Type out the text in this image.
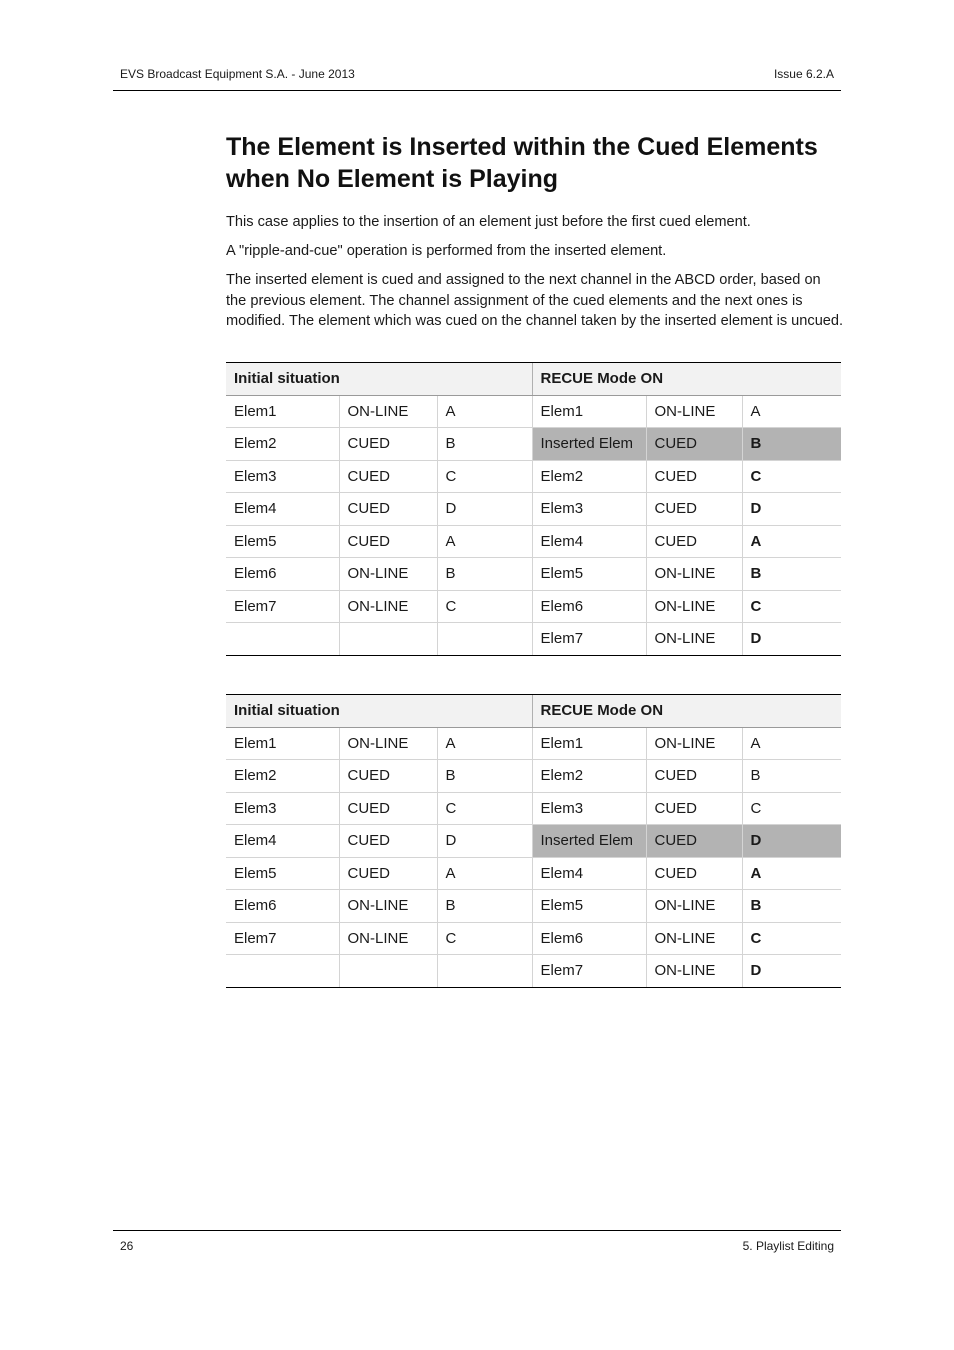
EVS Broadcast Equipment S.A. - June 2013	Issue 6.2.A
The Element is Inserted within the Cued Elements when No Element is Playing

This case applies to the insertion of an element just before the first cued element.

A "ripple-and-cue" operation is performed from the inserted element.

The inserted element is cued and assigned to the next channel in the ABCD order, based on the previous element. The channel assignment of the cued elements and the next ones is modified. The element which was cued on the channel taken by the inserted element is uncued.

Initial situation			RECUE Mode ON		
Elem1	ON-LINE	A	Elem1	ON-LINE	A
Elem2	CUED	B	Inserted Elem	CUED	B
Elem3	CUED	C	Elem2	CUED	C
Elem4	CUED	D	Elem3	CUED	D
Elem5	CUED	A	Elem4	CUED	A
Elem6	ON-LINE	B	Elem5	ON-LINE	B
Elem7	ON-LINE	C	Elem6	ON-LINE	C
			Elem7	ON-LINE	D
Initial situation			RECUE Mode ON		
Elem1	ON-LINE	A	Elem1	ON-LINE	A
Elem2	CUED	B	Elem2	CUED	B
Elem3	CUED	C	Elem3	CUED	C
Elem4	CUED	D	Inserted Elem	CUED	D
Elem5	CUED	A	Elem4	CUED	A
Elem6	ON-LINE	B	Elem5	ON-LINE	B
Elem7	ON-LINE	C	Elem6	ON-LINE	C
			Elem7	ON-LINE	D
26	5. Playlist Editing
